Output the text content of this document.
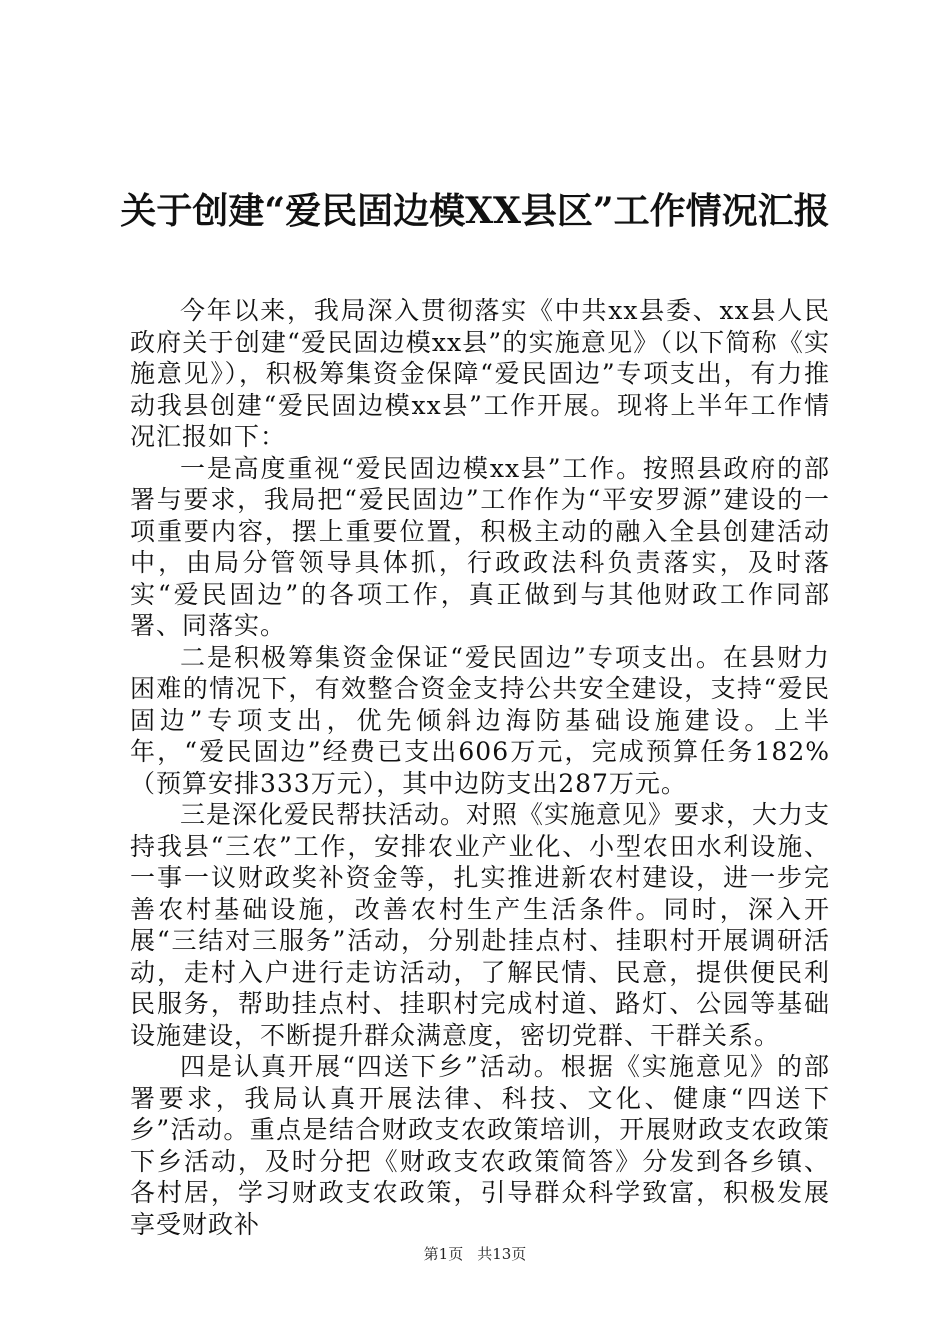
关于创建“爱民固边模XX县区”工作情况汇报

今年以来，我局深入贯彻落实《中共xx县委、xx县人民政府关于创建“爱民固边模xx县”的实施意见》（以下简称《实施意见》），积极筹集资金保障“爱民固边”专项支出，有力推动我县创建“爱民固边模xx县”工作开展。现将上半年工作情况汇报如下：

一是高度重视“爱民固边模xx县”工作。按照县政府的部署与要求，我局把“爱民固边”工作作为“平安罗源”建设的一项重要内容，摆上重要位置，积极主动的融入全县创建活动中，由局分管领导具体抓，行政政法科负责落实，及时落实“爱民固边”的各项工作，真正做到与其他财政工作同部署、同落实。

二是积极筹集资金保证“爱民固边”专项支出。在县财力困难的情况下，有效整合资金支持公共安全建设，支持“爱民固边”专项支出，优先倾斜边海防基础设施建设。上半年，“爱民固边”经费已支出606万元，完成预算任务182%（预算安排333万元），其中边防支出287万元。

三是深化爱民帮扶活动。对照《实施意见》要求，大力支持我县“三农”工作，安排农业产业化、小型农田水利设施、一事一议财政奖补资金等，扎实推进新农村建设，进一步完善农村基础设施，改善农村生产生活条件。同时，深入开展“三结对三服务”活动，分别赴挂点村、挂职村开展调研活动，走村入户进行走访活动，了解民情、民意，提供便民利民服务，帮助挂点村、挂职村完成村道、路灯、公园等基础设施建设，不断提升群众满意度，密切党群、干群关系。

四是认真开展“四送下乡”活动。根据《实施意见》的部署要求，我局认真开展法律、科技、文化、健康“四送下乡”活动。重点是结合财政支农政策培训，开展财政支农政策下乡活动，及时分把《财政支农政策简答》分发到各乡镇、各村居，学习财政支农政策，引导群众科学致富，积极发展享受财政补

第1页 共13页
